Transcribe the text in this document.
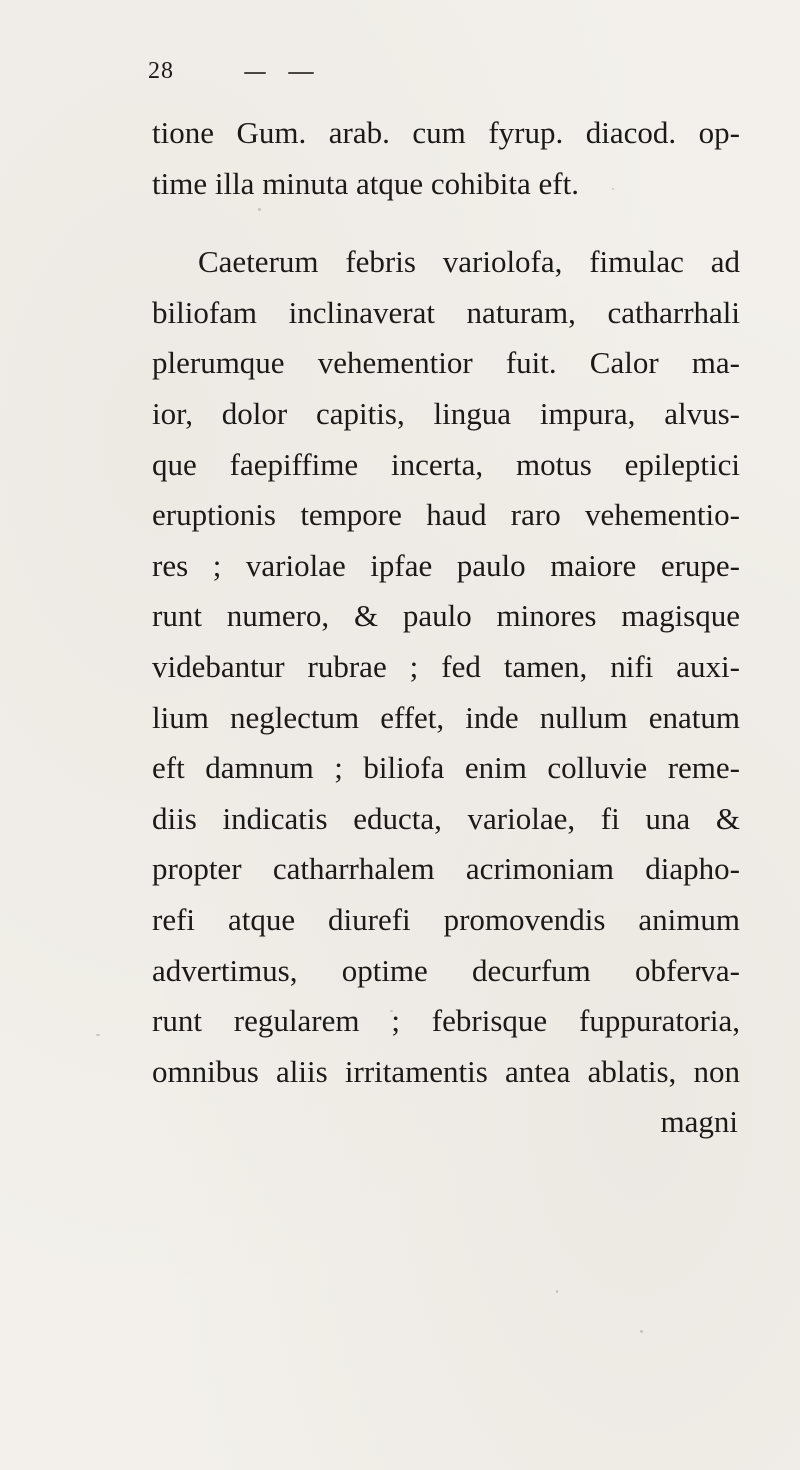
28
tione Gum. arab. cum fyrup. diacod. op-
time illa minuta atque cohibita eft.
Caeterum febris variolofa, fimulac ad
biliofam inclinaverat naturam, catharrhali
plerumque vehementior fuit. Calor ma-
ior, dolor capitis, lingua impura, alvus-
que faepiffime incerta, motus epileptici
eruptionis tempore haud raro vehementio-
res ; variolae ipfae paulo maiore erupe-
runt numero, & paulo minores magisque
videbantur rubrae ; fed tamen, nifi auxi-
lium neglectum effet, inde nullum enatum
eft damnum ; biliofa enim colluvie reme-
diis indicatis educta, variolae, fi una &
propter catharrhalem acrimoniam diapho-
refi atque diurefi promovendis animum
advertimus, optime decurfum obferva-
runt regularem ; febrisque fuppuratoria,
omnibus aliis irritamentis antea ablatis, non
magni
